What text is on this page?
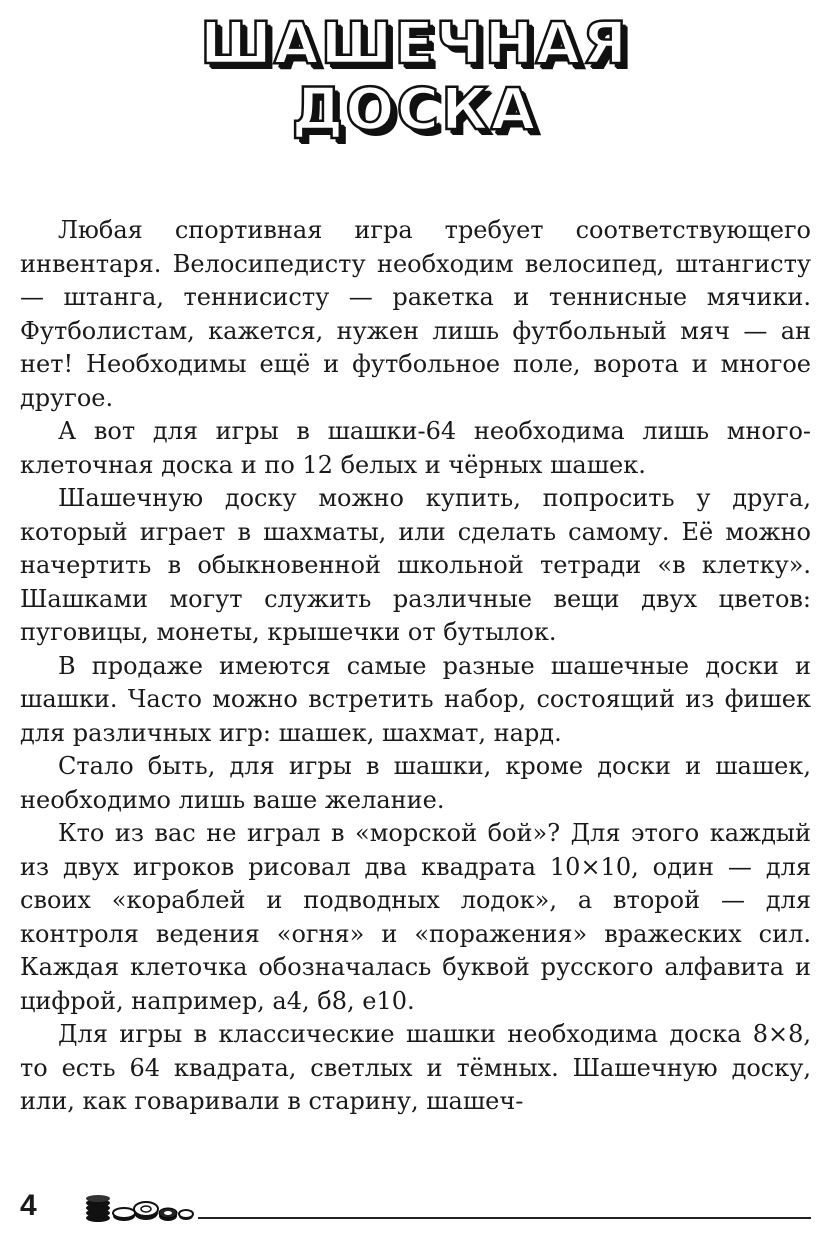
ШАШЕЧНАЯ
ДОСКА

Любая спортивная игра требует соответствующего инвентаря. Велосипедисту необходим велосипед, штангисту — штанга, теннисисту — ракетка и теннисные мячики. Футболистам, кажется, нужен лишь футбольный мяч — ан нет! Необходимы ещё и футбольное поле, ворота и многое другое.

А вот для игры в шашки-64 необходима лишь многоклеточная доска и по 12 белых и чёрных шашек.

Шашечную доску можно купить, попросить у друга, который играет в шахматы, или сделать самому. Её можно начертить в обыкновенной школьной тетради «в клетку». Шашками могут служить различные вещи двух цветов: пуговицы, монеты, крышечки от бутылок.

В продаже имеются самые разные шашечные доски и шашки. Часто можно встретить набор, состоящий из фишек для различных игр: шашек, шахмат, нард.

Стало быть, для игры в шашки, кроме доски и шашек, необходимо лишь ваше желание.

Кто из вас не играл в «морской бой»? Для этого каждый из двух игроков рисовал два квадрата 10×10, один — для своих «кораблей и подводных лодок», а второй — для контроля ведения «огня» и «поражения» вражеских сил. Каждая клеточка обозначалась буквой русского алфавита и цифрой, например, а4, б8, е10.

Для игры в классические шашки необходима доска 8×8, то есть 64 квадрата, светлых и тёмных. Шашечную доску, или, как говаривали в старину, шашеч-

4
